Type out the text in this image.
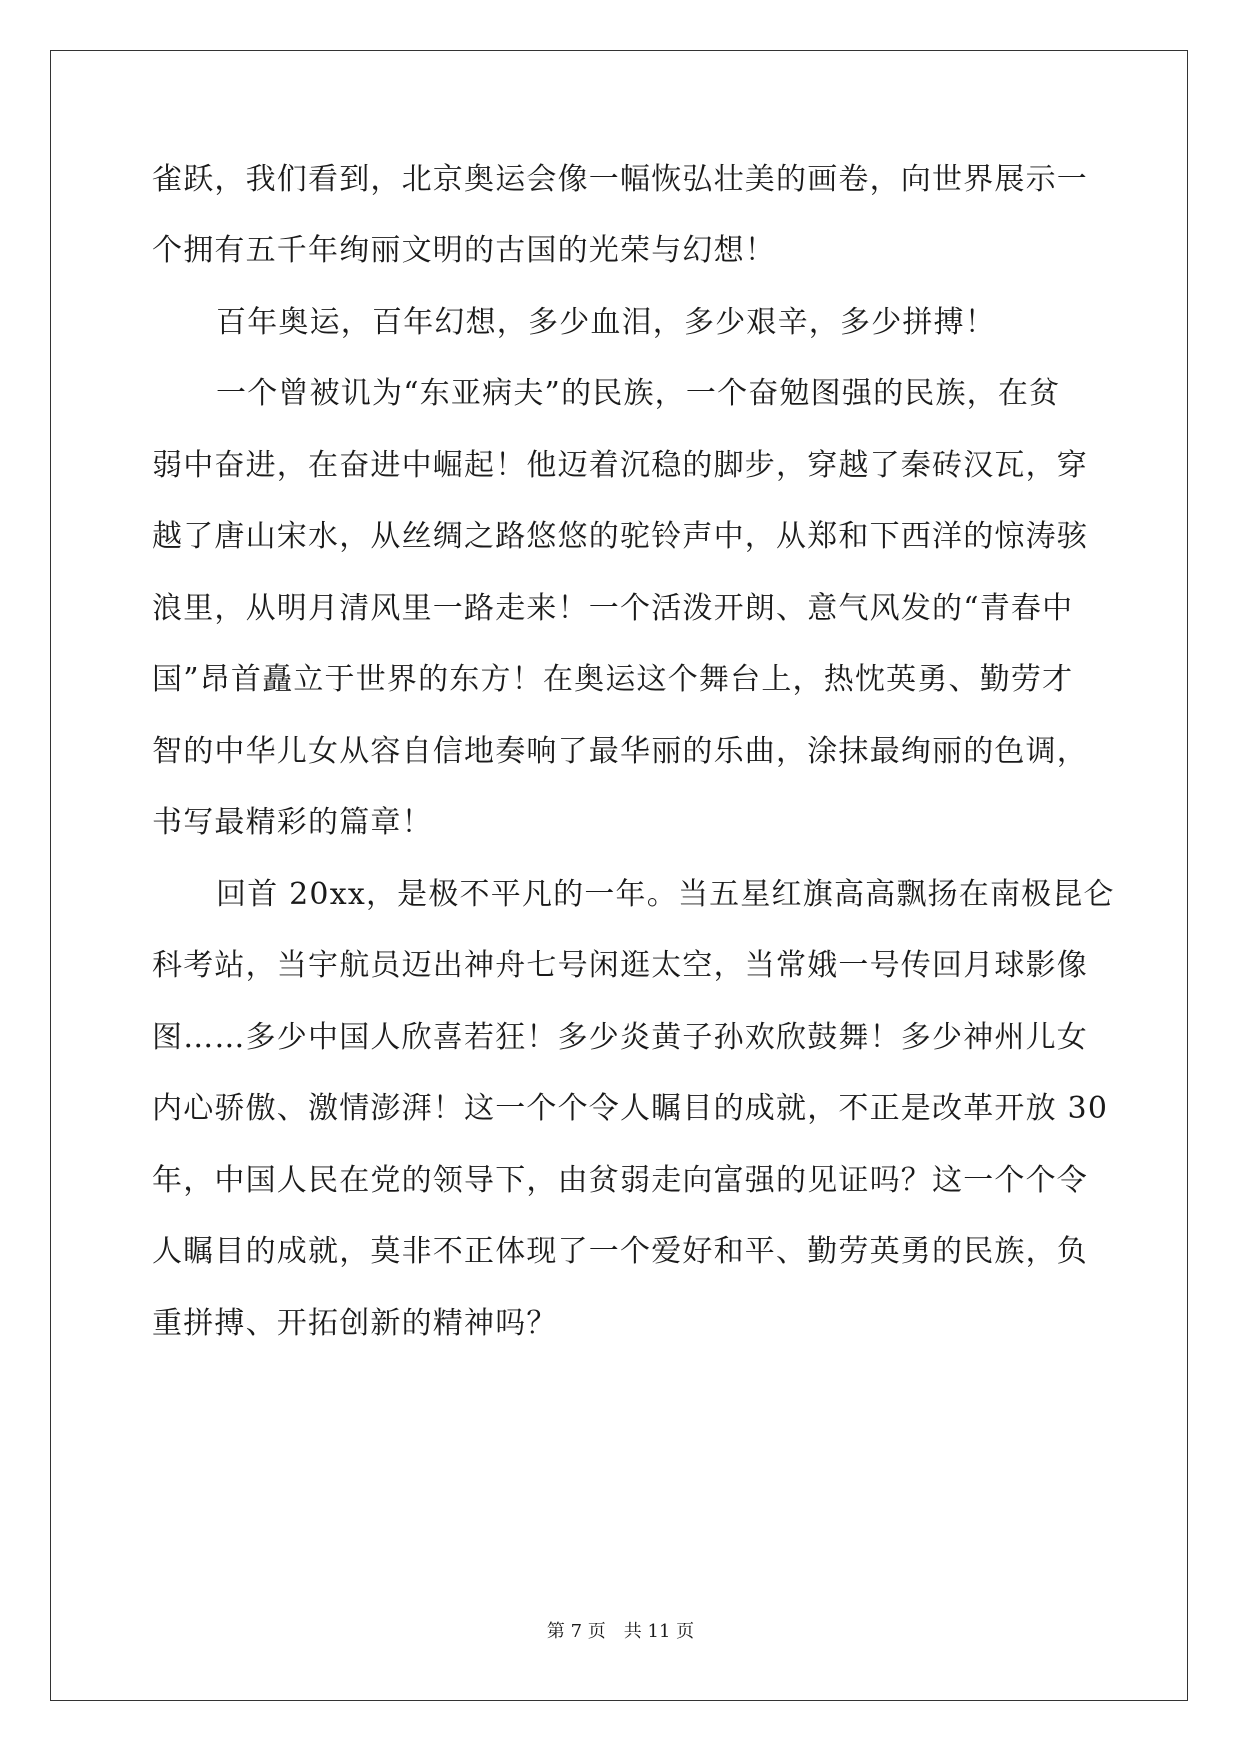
雀跃，我们看到，北京奥运会像一幅恢弘壮美的画卷，向世界展示一
个拥有五千年绚丽文明的古国的光荣与幻想！
百年奥运，百年幻想，多少血泪，多少艰辛，多少拼搏！
一个曾被讥为“东亚病夫”的民族，一个奋勉图强的民族，在贫
弱中奋进，在奋进中崛起！他迈着沉稳的脚步，穿越了秦砖汉瓦，穿
越了唐山宋水，从丝绸之路悠悠的驼铃声中，从郑和下西洋的惊涛骇
浪里，从明月清风里一路走来！一个活泼开朗、意气风发的“青春中
国”昂首矗立于世界的东方！在奥运这个舞台上，热忱英勇、勤劳才
智的中华儿女从容自信地奏响了最华丽的乐曲，涂抹最绚丽的色调，
书写最精彩的篇章！
回首 20xx，是极不平凡的一年。当五星红旗高高飘扬在南极昆仑
科考站，当宇航员迈出神舟七号闲逛太空，当常娥一号传回月球影像
图……多少中国人欣喜若狂！多少炎黄子孙欢欣鼓舞！多少神州儿女
内心骄傲、激情澎湃！这一个个令人瞩目的成就，不正是改革开放 30
年，中国人民在党的领导下，由贫弱走向富强的见证吗？这一个个令
人瞩目的成就，莫非不正体现了一个爱好和平、勤劳英勇的民族，负
重拼搏、开拓创新的精神吗？
第 7 页 共 11 页
